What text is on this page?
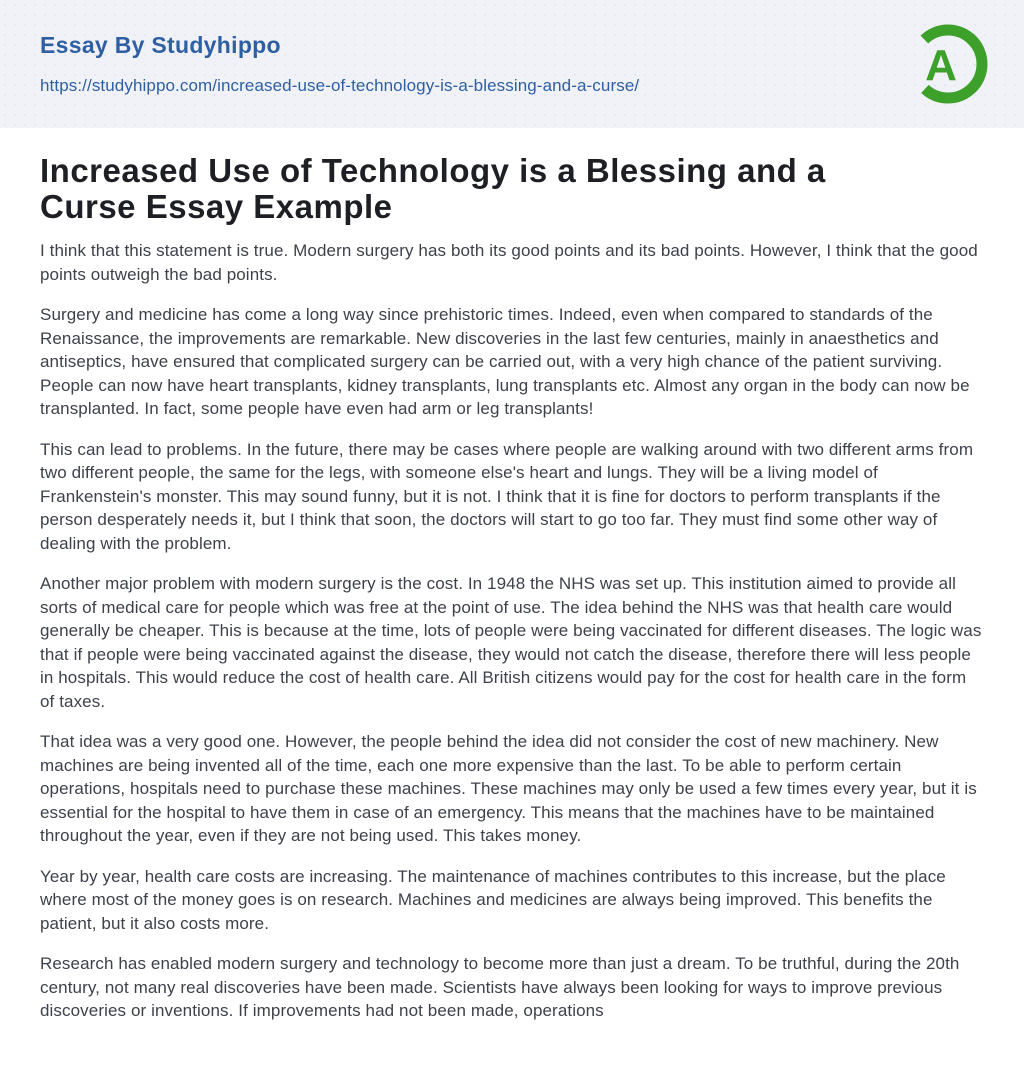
Essay By Studyhippo
https://studyhippo.com/increased-use-of-technology-is-a-blessing-and-a-curse/	A
Increased Use of Technology is a Blessing and a Curse Essay Example

I think that this statement is true. Modern surgery has both its good points and its bad points. However, I think that the good points outweigh the bad points.

Surgery and medicine has come a long way since prehistoric times. Indeed, even when compared to standards of the Renaissance, the improvements are remarkable. New discoveries in the last few centuries, mainly in anaesthetics and antiseptics, have ensured that complicated surgery can be carried out, with a very high chance of the patient surviving. People can now have heart transplants, kidney transplants, lung transplants etc. Almost any organ in the body can now be transplanted. In fact, some people have even had arm or leg transplants!

This can lead to problems. In the future, there may be cases where people are walking around with two different arms from two different people, the same for the legs, with someone else's heart and lungs. They will be a living model of Frankenstein's monster. This may sound funny, but it is not. I think that it is fine for doctors to perform transplants if the person desperately needs it, but I think that soon, the doctors will start to go too far. They must find some other way of dealing with the problem.

Another major problem with modern surgery is the cost. In 1948 the NHS was set up. This institution aimed to provide all sorts of medical care for people which was free at the point of use. The idea behind the NHS was that health care would generally be cheaper. This is because at the time, lots of people were being vaccinated for different diseases. The logic was that if people were being vaccinated against the disease, they would not catch the disease, therefore there will less people in hospitals. This would reduce the cost of health care. All British citizens would pay for the cost for health care in the form of taxes.

That idea was a very good one. However, the people behind the idea did not consider the cost of new machinery. New machines are being invented all of the time, each one more expensive than the last. To be able to perform certain operations, hospitals need to purchase these machines. These machines may only be used a few times every year, but it is essential for the hospital to have them in case of an emergency. This means that the machines have to be maintained throughout the year, even if they are not being used. This takes money.

Year by year, health care costs are increasing. The maintenance of machines contributes to this increase, but the place where most of the money goes is on research. Machines and medicines are always being improved. This benefits the patient, but it also costs more.

Research has enabled modern surgery and technology to become more than just a dream. To be truthful, during the 20th century, not many real discoveries have been made. Scientists have always been looking for ways to improve previous discoveries or inventions. If improvements had not been made, operations
